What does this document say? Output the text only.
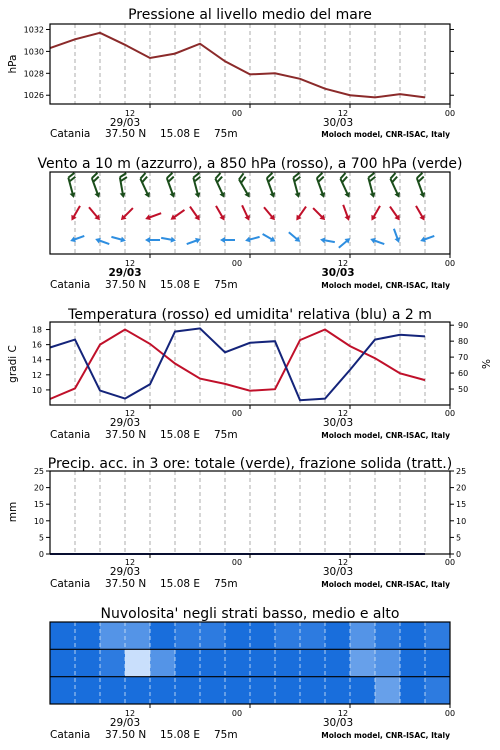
Pressione al livello medio del mare
1026
1028
1030
1032
hPa
12	00	12	00
29/03	30/03
Catania 37.50 N 15.08 E 75m	Moloch model, CNR-ISAC, Italy
Vento a 10 m (azzurro), a 850 hPa (rosso), a 700 hPa (verde)
12	00	12	00
29/03	30/03
Catania 37.50 N 15.08 E 75m	Moloch model, CNR-ISAC, Italy
Temperatura (rosso) ed umidita' relativa (blu) a 2 m
10
12
14
16
18
50
60
70
80
90
gradi C	%
12	00	12	00
29/03	30/03
Catania 37.50 N 15.08 E 75m	Moloch model, CNR-ISAC, Italy
Precip. acc. in 3 ore: totale (verde), frazione solida (tratt.)
0	0
5	5
10	10
15	15
20	20
25	25
mm
12	00	12	00
29/03	30/03
Catania 37.50 N 15.08 E 75m	Moloch model, CNR-ISAC, Italy
Nuvolosita' negli strati basso, medio e alto
12	00	12	00
29/03	30/03
Catania 37.50 N 15.08 E 75m	Moloch model, CNR-ISAC, Italy
